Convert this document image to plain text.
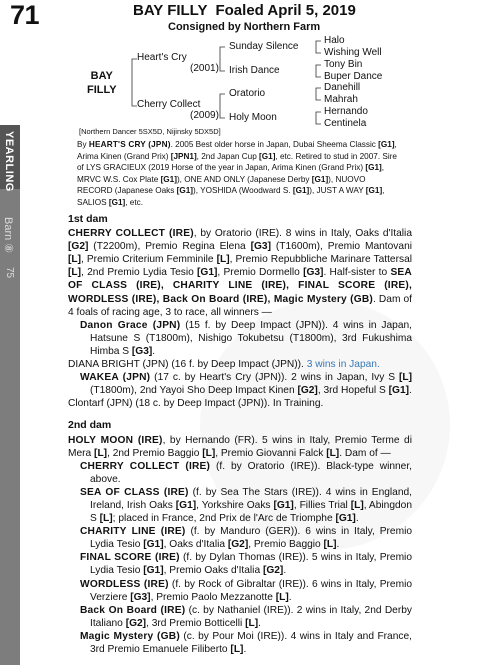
71	BAY FILLY Foaled April 5, 2019
Consigned by Northern Farm
BAY
FILLY
Heart's Cry
(2001)
Cherry Collect
(2009)
Sunday Silence
Irish Dance
Oratorio
Holy Moon
Halo
Wishing Well
Tony Bin
Buper Dance
Danehill
Mahrah
Hernando
Centinela
[Northern Dancer 5SX5D, Nijinsky 5DX5D]
By HEART'S CRY (JPN). 2005 Best older horse in Japan, Dubai Sheema Classic [G1], Arima Kinen (Grand Prix) [JPN1], 2nd Japan Cup [G1], etc. Retired to stud in 2007. Sire of LYS GRACIEUX (2019 Horse of the year in Japan, Arima Kinen (Grand Prix) [G1], MRVC W.S. Cox Plate [G1]), ONE AND ONLY (Japanese Derby [G1]), NUOVO RECORD (Japanese Oaks [G1]), YOSHIDA (Woodward S. [G1]), JUST A WAY [G1], SALIOS [G1], etc.
YEARLING
Barn ⑧
75
1st dam

CHERRY COLLECT (IRE), by Oratorio (IRE). 8 wins in Italy, Oaks d'Italia [G2] (T2200m), Premio Regina Elena [G3] (T1600m), Premio Mantovani [L], Premio Criterium Femminile [L], Premio Repubbliche Marinare Tattersal [L], 2nd Premio Lydia Tesio [G1], Premio Dormello [G3]. Half-sister to SEA OF CLASS (IRE), CHARITY LINE (IRE), FINAL SCORE (IRE), WORDLESS (IRE), Back On Board (IRE), Magic Mystery (GB). Dam of 4 foals of racing age, 3 to race, all winners —

Danon Grace (JPN) (15 f. by Deep Impact (JPN)). 4 wins in Japan, Hatsune S (T1800m), Nishigo Tokubetsu (T1800m), 3rd Fukushima Himba S [G3].

DIANA BRIGHT (JPN) (16 f. by Deep Impact (JPN)). 3 wins in Japan.

WAKEA (JPN) (17 c. by Heart's Cry (JPN)). 2 wins in Japan, Ivy S [L] (T1800m), 2nd Yayoi Sho Deep Impact Kinen [G2], 3rd Hopeful S [G1].

Clontarf (JPN) (18 c. by Deep Impact (JPN)). In Training.

2nd dam

HOLY MOON (IRE), by Hernando (FR). 5 wins in Italy, Premio Terme di Mera [L], 2nd Premio Baggio [L], Premio Giovanni Falck [L]. Dam of —

CHERRY COLLECT (IRE) (f. by Oratorio (IRE)). Black-type winner, above.

SEA OF CLASS (IRE) (f. by Sea The Stars (IRE)). 4 wins in England, Ireland, Irish Oaks [G1], Yorkshire Oaks [G1], Fillies Trial [L], Abingdon S [L]; placed in France, 2nd Prix de l'Arc de Triomphe [G1].

CHARITY LINE (IRE) (f. by Manduro (GER)). 6 wins in Italy, Premio Lydia Tesio [G1], Oaks d'Italia [G2], Premio Baggio [L].

FINAL SCORE (IRE) (f. by Dylan Thomas (IRE)). 5 wins in Italy, Premio Lydia Tesio [G1], Premio Oaks d'Italia [G2].

WORDLESS (IRE) (f. by Rock of Gibraltar (IRE)). 6 wins in Italy, Premio Verziere [G3], Premio Paolo Mezzanotte [L].

Back On Board (IRE) (c. by Nathaniel (IRE)). 2 wins in Italy, 2nd Derby Italiano [G2], 3rd Premio Botticelli [L].

Magic Mystery (GB) (c. by Pour Moi (IRE)). 4 wins in Italy and France, 3rd Premio Emanuele Filiberto [L].
